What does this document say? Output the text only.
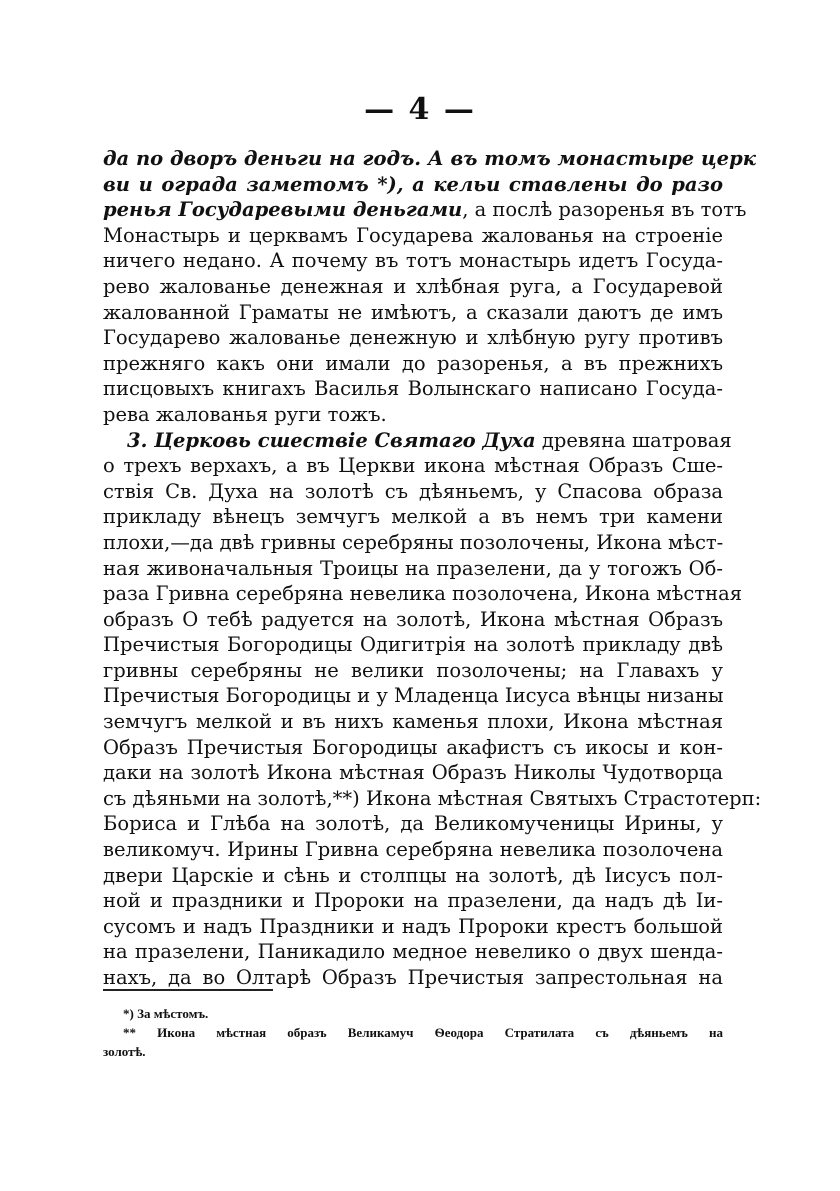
— 4 —
да по дворъ деньги на годъ. А въ томъ монастыре церк
ви и ограда заметомъ *), а кельи ставлены до разо
ренья Государевыми деньгами, а послѣ разоренья въ тотъ
Монастырь и церквамъ Государева жалованья на строеніе
ничего недано. А почему въ тотъ монастырь идетъ Госуда-
рево жалованье денежная и хлѣбная руга, а Государевой
жалованной Граматы не имѣютъ, а сказали даютъ де имъ
Государево жалованье денежную и хлѣбную ругу противъ
прежняго какъ они имали до разоренья, а въ прежнихъ
писцовыхъ книгахъ Василья Волынскаго написано Госуда-
рева жалованья руги тожъ.
3. Церковь сшествіе Святаго Духа древяна шатровая
о трехъ верхахъ, а въ Церкви икона мѣстная Образъ Сше-
ствія Св. Духа на золотѣ съ дѣяньемъ, у Спасова образа
прикладу вѣнецъ земчугъ мелкой а въ немъ три камени
плохи,—да двѣ гривны серебряны позолочены, Икона мѣст-
ная живоначальныя Троицы на празелени, да у тогожъ Об-
раза Гривна серебряна невелика позолочена, Икона мѣстная
образъ О тебѣ радуется на золотѣ, Икона мѣстная Образъ
Пречистыя Богородицы Одигитрія на золотѣ прикладу двѣ
гривны серебряны не велики позолочены; на Главахъ у
Пречистыя Богородицы и у Младенца Іисуса вѣнцы низаны
земчугъ мелкой и въ нихъ каменья плохи, Икона мѣстная
Образъ Пречистыя Богородицы акафистъ съ икосы и кон-
даки на золотѣ Икона мѣстная Образъ Николы Чудотворца
съ дѣяньми на золотѣ,**) Икона мѣстная Святыхъ Страстотерп:
Бориса и Глѣба на золотѣ, да Великомученицы Ирины, у
великомуч. Ирины Гривна серебряна невелика позолочена
двери Царскіе и сѣнь и столпцы на золотѣ, дѣ Іисусъ пол-
ной и праздники и Пророки на празелени, да надъ дѣ Іи-
сусомъ и надъ Праздники и надъ Пророки крестъ большой
на празелени, Паникадило медное невелико о двух шенда-
нахъ, да во Олтарѣ Образъ Пречистыя запрестольная на
*) За мѣстомъ.
** Икона мѣстная образъ Великамуч Ѳеодора Стратилата съ дѣяньемъ на
золотѣ.
